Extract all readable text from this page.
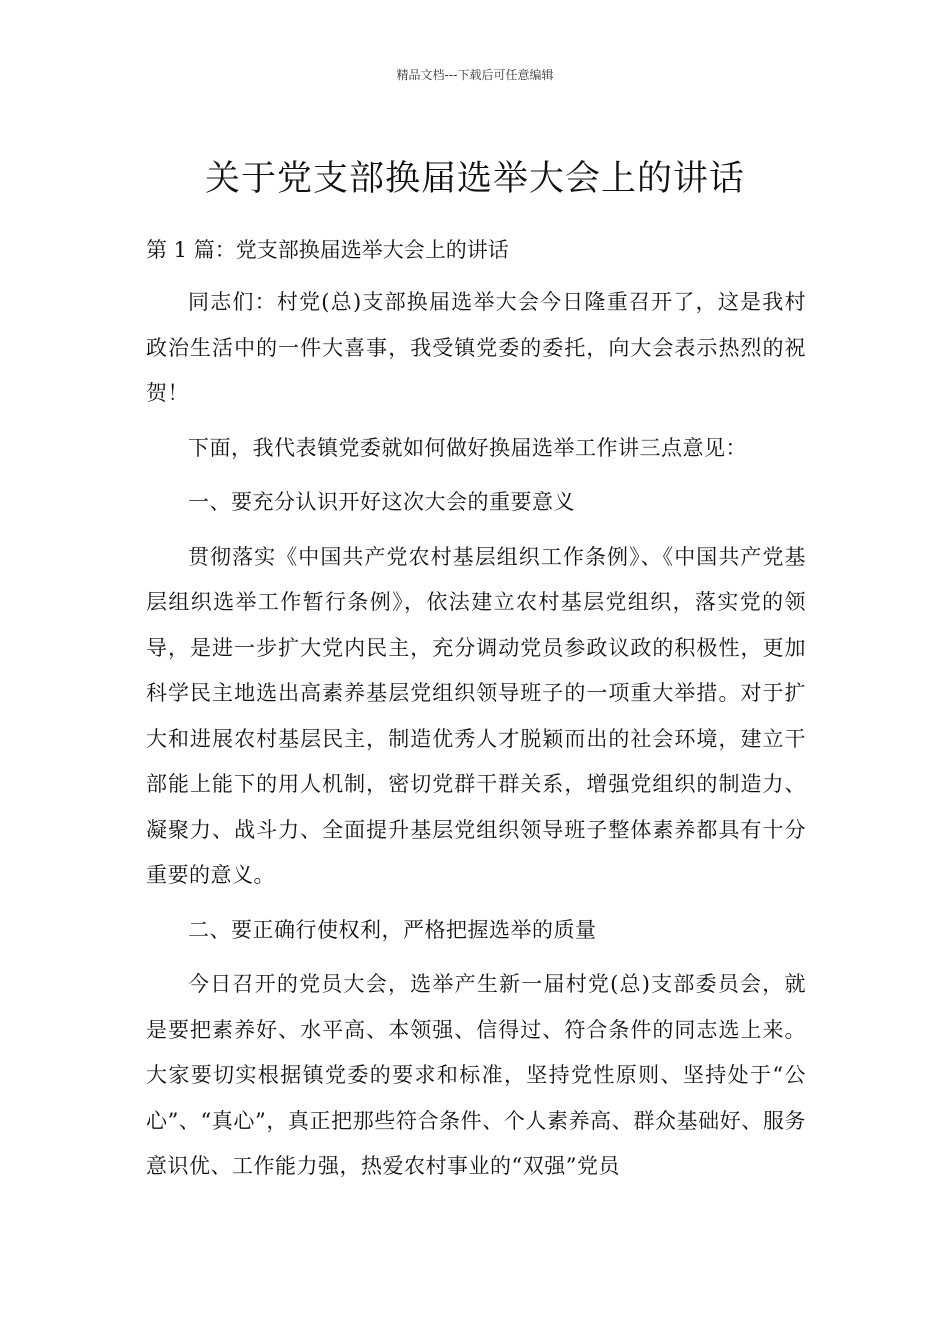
精品文档---下载后可任意编辑
关于党支部换届选举大会上的讲话
第 1 篇：党支部换届选举大会上的讲话

同志们：村党(总)支部换届选举大会今日隆重召开了，这是我村政治生活中的一件大喜事，我受镇党委的委托，向大会表示热烈的祝贺！

下面，我代表镇党委就如何做好换届选举工作讲三点意见：

一、要充分认识开好这次大会的重要意义

贯彻落实《中国共产党农村基层组织工作条例》、《中国共产党基层组织选举工作暂行条例》，依法建立农村基层党组织，落实党的领导，是进一步扩大党内民主，充分调动党员参政议政的积极性，更加科学民主地选出高素养基层党组织领导班子的一项重大举措。对于扩大和进展农村基层民主，制造优秀人才脱颖而出的社会环境，建立干部能上能下的用人机制，密切党群干群关系，增强党组织的制造力、凝聚力、战斗力、全面提升基层党组织领导班子整体素养都具有十分重要的意义。

二、要正确行使权利，严格把握选举的质量

今日召开的党员大会，选举产生新一届村党(总)支部委员会，就是要把素养好、水平高、本领强、信得过、符合条件的同志选上来。大家要切实根据镇党委的要求和标准，坚持党性原则、坚持处于“公心”、“真心”，真正把那些符合条件、个人素养高、群众基础好、服务意识优、工作能力强，热爱农村事业的“双强”党员
